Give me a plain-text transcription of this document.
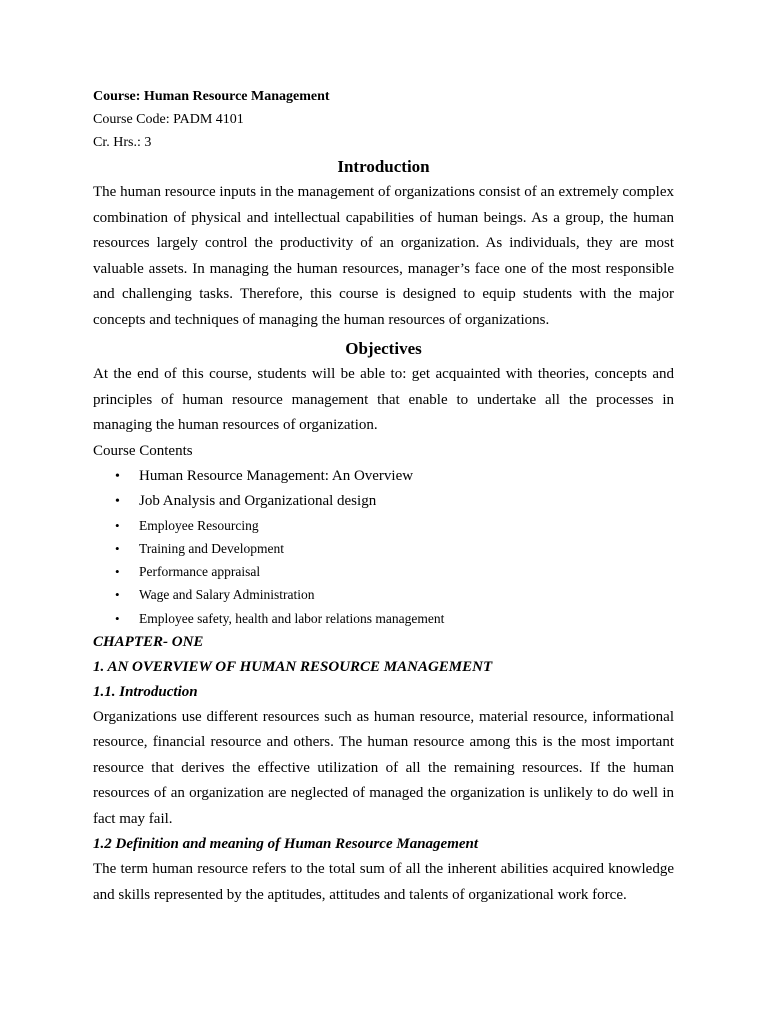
Course: Human Resource Management

Course Code: PADM 4101

Cr. Hrs.: 3

Introduction

The human resource inputs in the management of organizations consist of an extremely complex combination of physical and intellectual capabilities of human beings. As a group, the human resources largely control the productivity of an organization. As individuals, they are most valuable assets. In managing the human resources, manager’s face one of the most responsible and challenging tasks. Therefore, this course is designed to equip students with the major concepts and techniques of managing the human resources of organizations.

Objectives

At the end of this course, students will be able to: get acquainted with theories, concepts and principles of human resource management that enable to undertake all the processes in managing the human resources of organization.

Course Contents

• Human Resource Management: An Overview
• Job Analysis and Organizational design
• Employee Resourcing
• Training and Development
• Performance appraisal
• Wage and Salary Administration
• Employee safety, health and labor relations management

CHAPTER- ONE

1. AN OVERVIEW OF HUMAN RESOURCE MANAGEMENT

1.1. Introduction

Organizations use different resources such as human resource, material resource, informational resource, financial resource and others. The human resource among this is the most important resource that derives the effective utilization of all the remaining resources. If the human resources of an organization are neglected of managed the organization is unlikely to do well in fact may fail.

1.2 Definition and meaning of Human Resource Management

The term human resource refers to the total sum of all the inherent abilities acquired knowledge and skills represented by the aptitudes, attitudes and talents of organizational work force.
